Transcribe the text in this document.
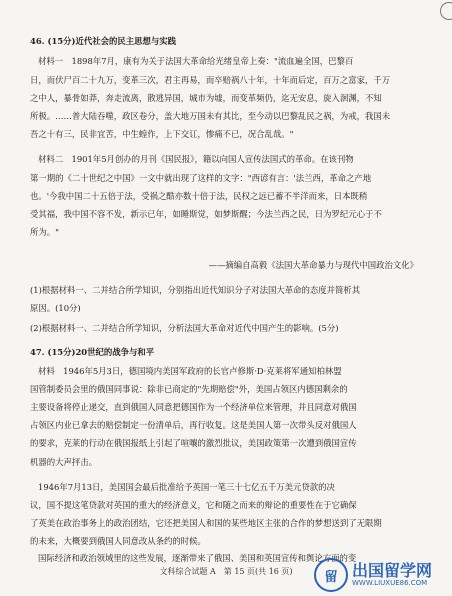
46. (15分)近代社会的民主思想与实践
材料一　1898年7月，康有为关于法国大革命给光绪皇帝上奏："流血遍全国，巴黎百
日，而伏尸百二十九万，变革三次，君主再易，而卒赔祸八十年，十年而后定，百万之富家，千万
之中人，暴骨如莽，奔走流离，散逃异国，城市为墟，而变革频仍，迄无安息，旋入洄渊，不知
所极。……普大陆吞噬，政区卷分，盖大地万国未有其比，至今动以巴黎乱民之祸，为戒，我国未
吾之十有三，民非宜苦，中生蝗作，上下交讧，惨痛不已，况合乱哉。"
材料二　1901年5月创办的月刊《国民报》，籍以向国人宣传法国式的革命。在该刊物
第一期的《二十世纪之中国》一文中就出现了这样的文字："西谚有言：'法兰西，革命之产地
也。'今我中国二十五倍于法，受祸之酷亦数十倍于法，民权之远已蓄不半洋而来，日本既稍
受其福，我中国不容不发，新示已年，如睡斯觉，如梦斯醒；今法兰西之民，日为罗纪元心于不
所为。"
——摘编自高毅《法国大革命暴力与现代中国政治文化》
(1)根据材料一、二并结合所学知识，分别指出近代知识分子对法国大革命的态度并简析其
原因。(10分)
(2)根据材料一、二并结合所学知识，分析法国大革命对近代中国产生的影响。(5分)
47. (15分)20世纪的战争与和平
材料　1946年5月3日，德国境内美国军政府的长官卢修斯·D·克莱将军通知柏林盟
国管制委员会里的俄国同事说：除非已商定的"先期赔偿"外，美国占领区内德国剩余的
主要设备将停止递交，直到俄国人同意把德国作为一个经济单位来管理，并且同意对俄国
占领区内业已拿去的赔偿制定一份清单后，再行收复。这是美国人第一次带头反对俄国人
的要求，克莱的行动在俄国报纸上引起了喧嚷的激烈批议，美国政策第一次遭到俄国宣传
机器的大声抨击。
1946年7月13日，美国国会最后批准给予英国一笔三十七亿五千万美元贷款的决
议，国不提这笔贷款对英国的重大的经济意义，它和随之而来的辩论的重要性在于它确保
了英美在政治事务上的政治团结，它还把美国人和国的某些地区主张的合作的梦想送到了无限期
的未来，大概要到俄国人同意改从条约的时候。
国际经济和政治领域里的这些发展，逐渐带来了俄国、美国和英国宣传和舆论方面的变
文科综合试题 A　第 15 页(共 16 页)	留 出国留学网
WWW.LIUXUE86.COM
